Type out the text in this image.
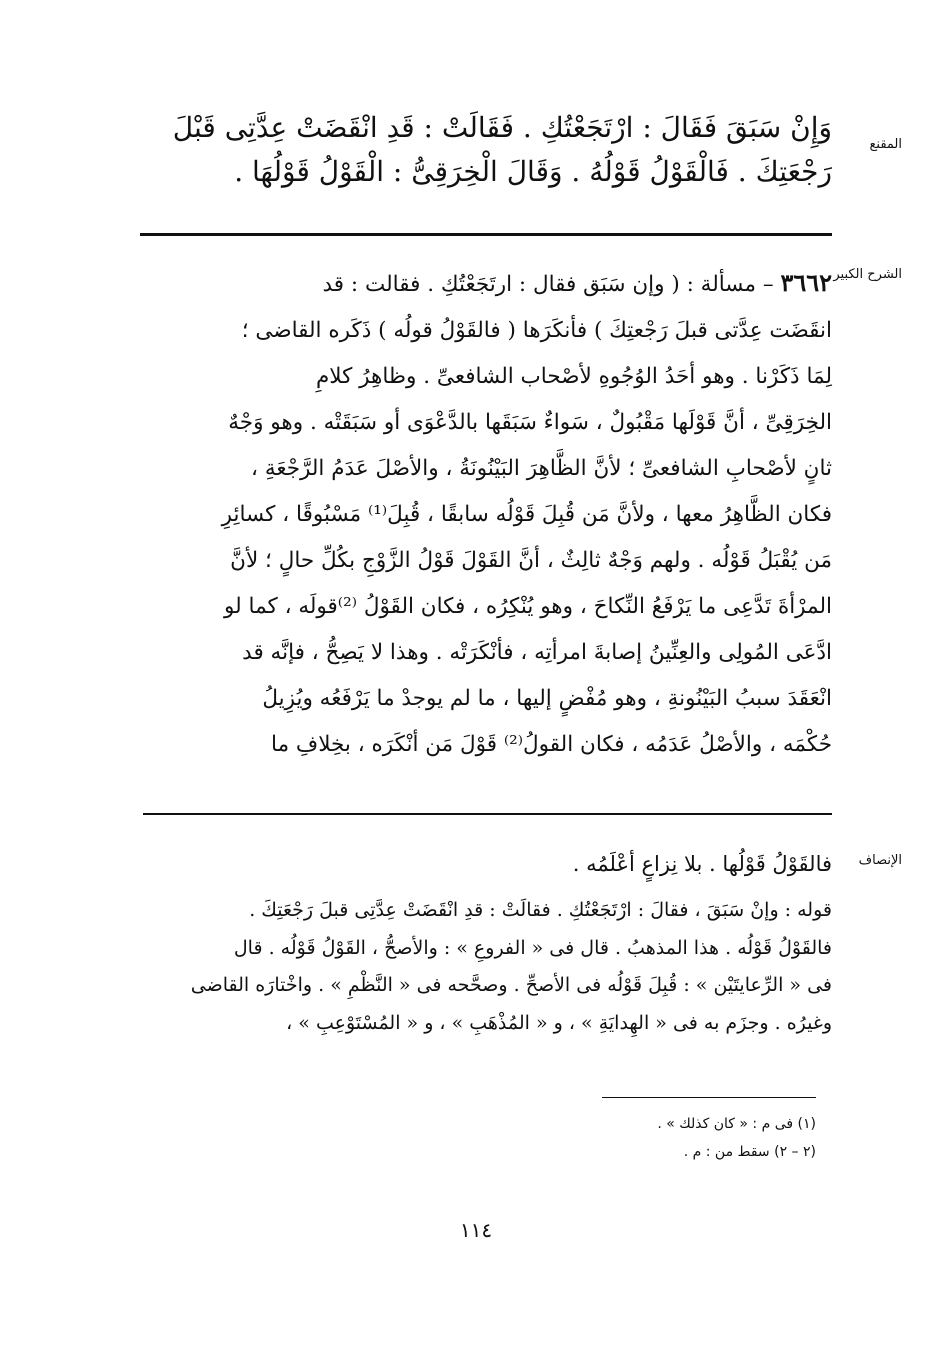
المقنع

وَإِنْ سَبَقَ فَقَالَ : ارْتَجَعْتُكِ . فَقَالَتْ : قَدِ انْقَضَتْ عِدَّتِى قَبْلَ

رَجْعَتِكَ . فَالْقَوْلُ قَوْلُهُ . وَقَالَ الْخِرَقِىُّ : الْقَوْلُ قَوْلُهَا .

الشرح الكبير

٣٦٦٢ – مسألة : ( وإن سَبَق فقال : ارتَجَعْتُكِ . فقالت : قد

انقَضَت عِدَّتى قبلَ رَجْعتِكَ ) فأنكَرَها ( فالقَوْلُ قولُه ) ذَكَره القاضى ؛

لِمَا ذَكَرْنا . وهو أحَدُ الوُجُوهِ لأصْحاب الشافعىِّ . وظاهِرُ كلامِ

الخِرَقِىِّ ، أنَّ قَوْلَها مَقْبُولٌ ، سَواءٌ سَبَقَها بالدَّعْوَى أو سَبَقَتْه . وهو وَجْهٌ

ثانٍ لأصْحابِ الشافعىِّ ؛ لأنَّ الظَّاهِرَ البَيْنُونَةُ ، والأصْلَ عَدَمُ الرَّجْعَةِ ،

فكان الظَّاهِرُ معها ، ولأنَّ مَن قُبِلَ قَوْلُه سابقًا ، قُبِلَ⁽¹⁾ مَسْبُوقًا ، كسائِرِ

مَن يُقْبَلُ قَوْلُه . ولهم وَجْهٌ ثالِثٌ ، أنَّ القَوْلَ قَوْلُ الزَّوْجِ بكُلِّ حالٍ ؛ لأنَّ

المرْأةَ تَدَّعِى ما يَرْفَعُ النِّكاحَ ، وهو يُنْكِرُه ، فكان القَوْلُ ⁽²⁾قولَه ، كما لو

ادَّعَى المُولِى والعِنِّينُ إصابةَ امرأتِه ، فأنْكَرَتْه . وهذا لا يَصِحُّ ، فإنَّه قد

انْعَقَدَ سببُ البَيْنُونةِ ، وهو مُفْضٍ إليها ، ما لم يوجدْ ما يَرْفَعُه ويُزِيلُ

حُكْمَه ، والأصْلُ عَدَمُه ، فكان القولُ⁽²⁾ قَوْلَ مَن أنْكَرَه ، بخِلافِ ما

الإنصاف

فالقَوْلُ قَوْلُها . بلا نِزاعٍ أعْلَمُه .

قوله : وإنْ سَبَقَ ، فقالَ : ارْتَجَعْتُكِ . فقالَتْ : قدِ انْقَضَتْ عِدَّتِى قبلَ رَجْعَتِكَ .

فالقَوْلُ قَوْلُه . هذا المذهبُ . قال فى « الفروعِ » : والأصحُّ ، القَوْلُ قَوْلُه . قال

فى « الرِّعايتَيْن » : قُبِلَ قَوْلُه فى الأصحِّ . وصحَّحه فى « النَّظْمِ » . واخْتارَه القاضى

وغيرُه . وجزَم به فى « الهِدايَةِ » ، و « المُذْهَبِ » ، و « المُسْتَوْعِبِ » ،

(١) فى م : « كان كذلك » .

(٢ – ٢) سقط من : م .

١١٤
